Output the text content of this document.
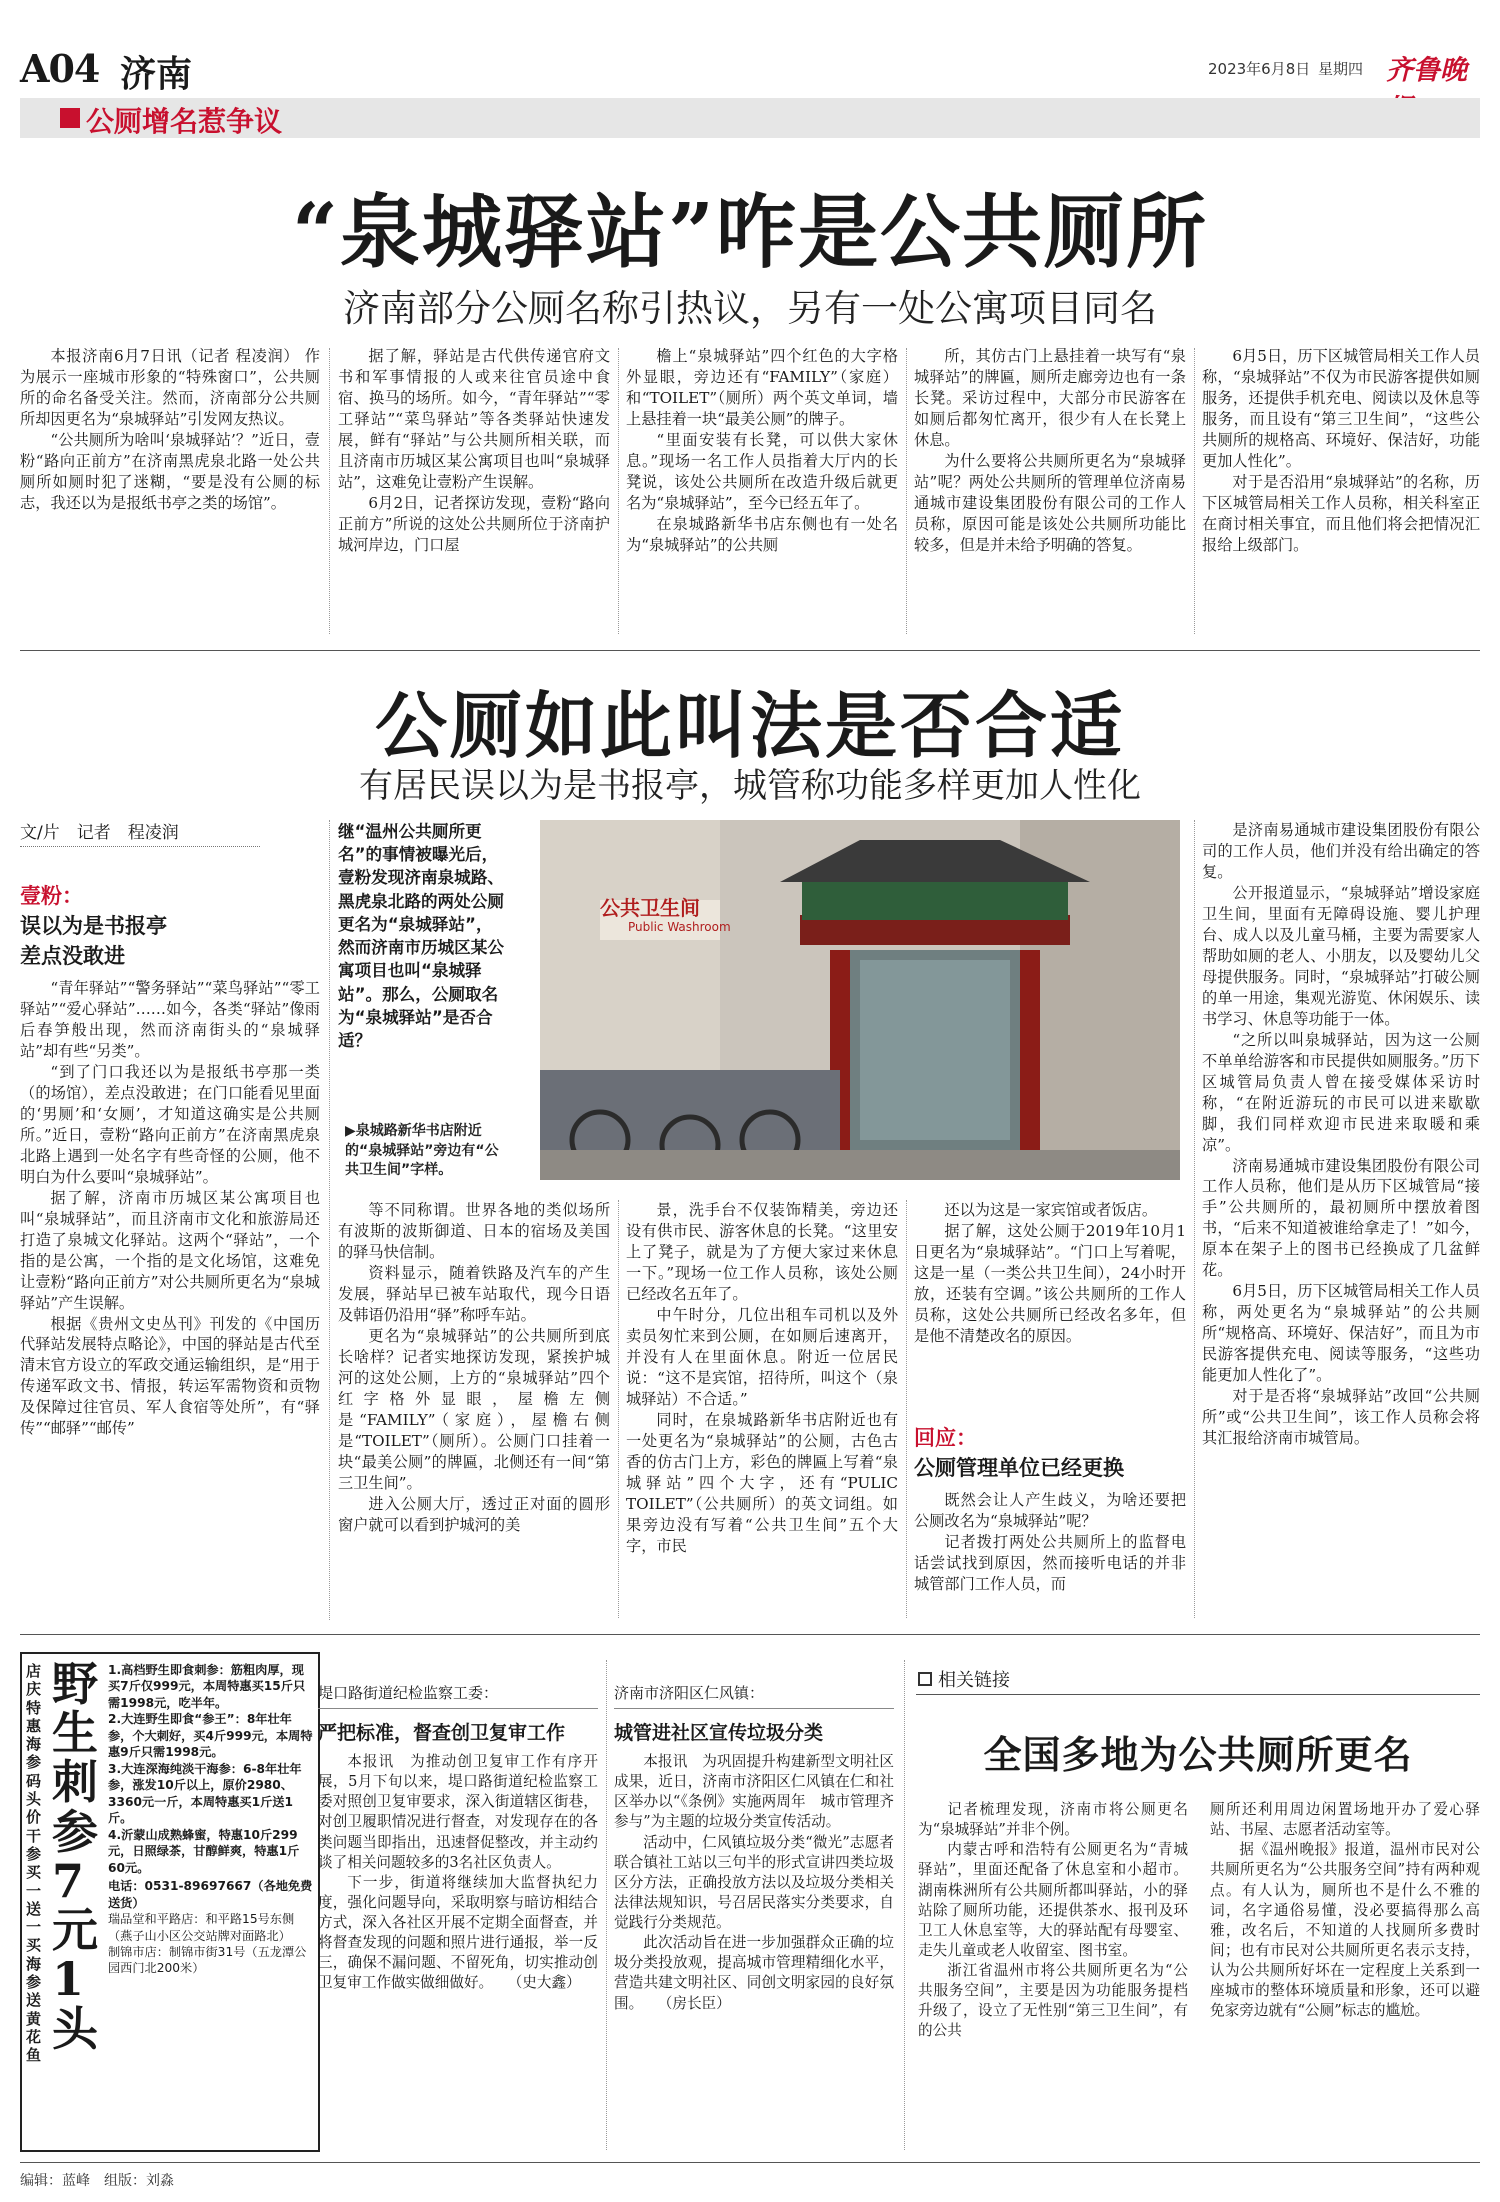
A04 济南	2023年6月8日 星期四 齐鲁晚
公厕增名惹争议
“泉城驿站”咋是公共厕所
济南部分公厕名称引热议，另有一处公寓项目同名

本报济南6月7日讯（记者 程凌润） 作为展示一座城市形象的“特殊窗口”，公共厕所的命名备受关注。然而，济南部分公共厕所却因更名为“泉城驿站”引发网友热议。

“公共厕所为啥叫‘泉城驿站’？”近日，壹粉“路向正前方”在济南黑虎泉北路一处公共厕所如厕时犯了迷糊，“要是没有公厕的标志，我还以为是报纸书亭之类的场馆”。

据了解，驿站是古代供传递官府文书和军事情报的人或来往官员途中食宿、换马的场所。如今，“青年驿站”“零工驿站”“菜鸟驿站”等各类驿站快速发展，鲜有“驿站”与公共厕所相关联，而且济南市历城区某公寓项目也叫“泉城驿站”，这难免让壹粉产生误解。

6月2日，记者探访发现，壹粉“路向正前方”所说的这处公共厕所位于济南护城河岸边，门口屋

檐上“泉城驿站”四个红色的大字格外显眼，旁边还有“FAMILY”（家庭）和“TOILET”（厕所）两个英文单词，墙上悬挂着一块“最美公厕”的牌子。

“里面安装有长凳，可以供大家休息。”现场一名工作人员指着大厅内的长凳说，该处公共厕所在改造升级后就更名为“泉城驿站”，至今已经五年了。

在泉城路新华书店东侧也有一处名为“泉城驿站”的公共厕

所，其仿古门上悬挂着一块写有“泉城驿站”的牌匾，厕所走廊旁边也有一条长凳。采访过程中，大部分市民游客在如厕后都匆忙离开，很少有人在长凳上休息。

为什么要将公共厕所更名为“泉城驿站”呢？两处公共厕所的管理单位济南易通城市建设集团股份有限公司的工作人员称，原因可能是该处公共厕所功能比较多，但是并未给予明确的答复。

6月5日，历下区城管局相关工作人员称，“泉城驿站”不仅为市民游客提供如厕服务，还提供手机充电、阅读以及休息等服务，而且设有“第三卫生间”，“这些公共厕所的规格高、环境好、保洁好，功能更加人性化”。

对于是否沿用“泉城驿站”的名称，历下区城管局相关工作人员称，相关科室正在商讨相关事宜，而且他们将会把情况汇报给上级部门。

公厕如此叫法是否合适
有居民误以为是书报亭，城管称功能多样更加人性化
文/片　记者　程凌润
壹粉：
误以为是书报亭
差点没敢进

“青年驿站”“警务驿站”“菜鸟驿站”“零工驿站”“爱心驿站”……如今，各类“驿站”像雨后春笋般出现，然而济南街头的“泉城驿站”却有些“另类”。

“到了门口我还以为是报纸书亭那一类（的场馆），差点没敢进；在门口能看见里面的‘男厕’和‘女厕’，才知道这确实是公共厕所。”近日，壹粉“路向正前方”在济南黑虎泉北路上遇到一处名字有些奇怪的公厕，他不明白为什么要叫“泉城驿站”。

据了解，济南市历城区某公寓项目也叫“泉城驿站”，而且济南市文化和旅游局还打造了泉城文化驿站。这两个“驿站”，一个指的是公寓，一个指的是文化场馆，这难免让壹粉“路向正前方”对公共厕所更名为“泉城驿站”产生误解。

根据《贵州文史丛刊》刊发的《中国历代驿站发展特点略论》，中国的驿站是古代至清末官方设立的军政交通运输组织，是“用于传递军政文书、情报，转运军需物资和贡物及保障过往官员、军人食宿等处所”，有“驿传”“邮驿”“邮传”

继“温州公共厕所更名”的事情被曝光后，壹粉发现济南泉城路、黑虎泉北路的两处公厕更名为“泉城驿站”，然而济南市历城区某公寓项目也叫“泉城驿站”。那么，公厕取名为“泉城驿站”是否合适？
公共卫生间
Public Washroom
▶泉城路新华书店附近的“泉城驿站”旁边有“公共卫生间”字样。

等不同称谓。世界各地的类似场所有波斯的波斯御道、日本的宿场及美国的驿马快信制。

资料显示，随着铁路及汽车的产生发展，驿站早已被车站取代，现今日语及韩语仍沿用“驿”称呼车站。

更名为“泉城驿站”的公共厕所到底长啥样？记者实地探访发现，紧挨护城河的这处公厕，上方的“泉城驿站”四个红字格外显眼，屋檐左侧是“FAMILY”（家庭），屋檐右侧是“TOILET”（厕所）。公厕门口挂着一块“最美公厕”的牌匾，北侧还有一间“第三卫生间”。

进入公厕大厅，透过正对面的圆形窗户就可以看到护城河的美

景，洗手台不仅装饰精美，旁边还设有供市民、游客休息的长凳。“这里安上了凳子，就是为了方便大家过来休息一下。”现场一位工作人员称，该处公厕已经改名五年了。

中午时分，几位出租车司机以及外卖员匆忙来到公厕，在如厕后速离开，并没有人在里面休息。附近一位居民说：“这不是宾馆，招待所，叫这个（泉城驿站）不合适。”

同时，在泉城路新华书店附近也有一处更名为“泉城驿站”的公厕，古色古香的仿古门上方，彩色的牌匾上写着“泉城驿站”四个大字，还有“PULIC TOILET”（公共厕所）的英文词组。如果旁边没有写着“公共卫生间”五个大字，市民

还以为这是一家宾馆或者饭店。

据了解，这处公厕于2019年10月1日更名为“泉城驿站”。“门口上写着呢，这是一星（一类公共卫生间），24小时开放，还装有空调。”该公共厕所的工作人员称，这处公共厕所已经改名多年，但是他不清楚改名的原因。

回应：
公厕管理单位已经更换

既然会让人产生歧义，为啥还要把公厕改名为“泉城驿站”呢？

记者拨打两处公共厕所上的监督电话尝试找到原因，然而接听电话的并非城管部门工作人员，而

是济南易通城市建设集团股份有限公司的工作人员，他们并没有给出确定的答复。

公开报道显示，“泉城驿站”增设家庭卫生间，里面有无障碍设施、婴儿护理台、成人以及儿童马桶，主要为需要家人帮助如厕的老人、小朋友，以及婴幼儿父母提供服务。同时，“泉城驿站”打破公厕的单一用途，集观光游览、休闲娱乐、读书学习、休息等功能于一体。

“之所以叫泉城驿站，因为这一公厕不单单给游客和市民提供如厕服务。”历下区城管局负责人曾在接受媒体采访时称，“在附近游玩的市民可以进来歇歇脚，我们同样欢迎市民进来取暖和乘凉”。

济南易通城市建设集团股份有限公司工作人员称，他们是从历下区城管局“接手”公共厕所的，最初厕所中摆放着图书，“后来不知道被谁给拿走了！”如今，原本在架子上的图书已经换成了几盆鲜花。

6月5日，历下区城管局相关工作人员称，两处更名为“泉城驿站”的公共厕所“规格高、环境好、保洁好”，而且为市民游客提供充电、阅读等服务，“这些功能更加人性化了”。

对于是否将“泉城驿站”改回“公共厕所”或“公共卫生间”，该工作人员称会将其汇报给济南市城管局。

店庆特惠 海参码头价 干参买一送一 买海参送黄花鱼
野生刺参7元1头
1.高档野生即食刺参：筋粗肉厚，现买7斤仅999元，本周特惠买15斤只需1998元，吃半年。
2.大连野生即食“参王”：8年壮年参，个大刺好，买4斤999元，本周特惠9斤只需1998元。
3.大连深海纯淡干海参：6-8年壮年参，涨发10斤以上，原价2980、3360元一斤，本周特惠买1斤送1斤。
4.沂蒙山成熟蜂蜜，特惠10斤299元，日照绿茶，甘醇鲜爽，特惠1斤60元。
电话：0531-89697667（各地免费送货）
瑞品堂和平路店：和平路15号东侧（燕子山小区公交站牌对面路北）
制锦市店：制锦市街31号（五龙潭公园西门北200米）
堤口路街道纪检监察工委：
严把标准，督查创卫复审工作

本报讯　为推动创卫复审工作有序开展，5月下旬以来，堤口路街道纪检监察工委对照创卫复审要求，深入街道辖区街巷，对创卫履职情况进行督查，对发现存在的各类问题当即指出，迅速督促整改，并主动约谈了相关问题较多的3名社区负责人。

下一步，街道将继续加大监督执纪力度，强化问题导向，采取明察与暗访相结合方式，深入各社区开展不定期全面督查，并将督查发现的问题和照片进行通报，举一反三，确保不漏问题、不留死角，切实推动创卫复审工作做实做细做好。　　（史大鑫）

济南市济阳区仁风镇：
城管进社区宣传垃圾分类

本报讯　为巩固提升构建新型文明社区成果，近日，济南市济阳区仁风镇在仁和社区举办以“《条例》实施两周年　城市管理齐参与”为主题的垃圾分类宣传活动。

活动中，仁风镇垃圾分类“微光”志愿者联合镇社工站以三句半的形式宣讲四类垃圾区分方法，正确投放方法以及垃圾分类相关法律法规知识，号召居民落实分类要求，自觉践行分类规范。

此次活动旨在进一步加强群众正确的垃圾分类投放观，提高城市管理精细化水平，营造共建文明社区、同创文明家园的良好氛围。　　（房长臣）

相关链接
全国多地为公共厕所更名

记者梳理发现，济南市将公厕更名为“泉城驿站”并非个例。

内蒙古呼和浩特有公厕更名为“青城驿站”，里面还配备了休息室和小超市。湖南株洲所有公共厕所都叫驿站，小的驿站除了厕所功能，还提供茶水、报刊及环卫工人休息室等，大的驿站配有母婴室、走失儿童或老人收留室、图书室。

浙江省温州市将公共厕所更名为“公共服务空间”，主要是因为功能服务提档升级了，设立了无性别“第三卫生间”，有的公共

厕所还利用周边闲置场地开办了爱心驿站、书屋、志愿者活动室等。

据《温州晚报》报道，温州市民对公共厕所更名为“公共服务空间”持有两种观点。有人认为，厕所也不是什么不雅的词，名字通俗易懂，没必要搞得那么高雅，改名后，不知道的人找厕所多费时间；也有市民对公共厕所更名表示支持，认为公共厕所好坏在一定程度上关系到一座城市的整体环境质量和形象，还可以避免家旁边就有“公厕”标志的尴尬。

编辑：蓝峰　组版：刘淼
